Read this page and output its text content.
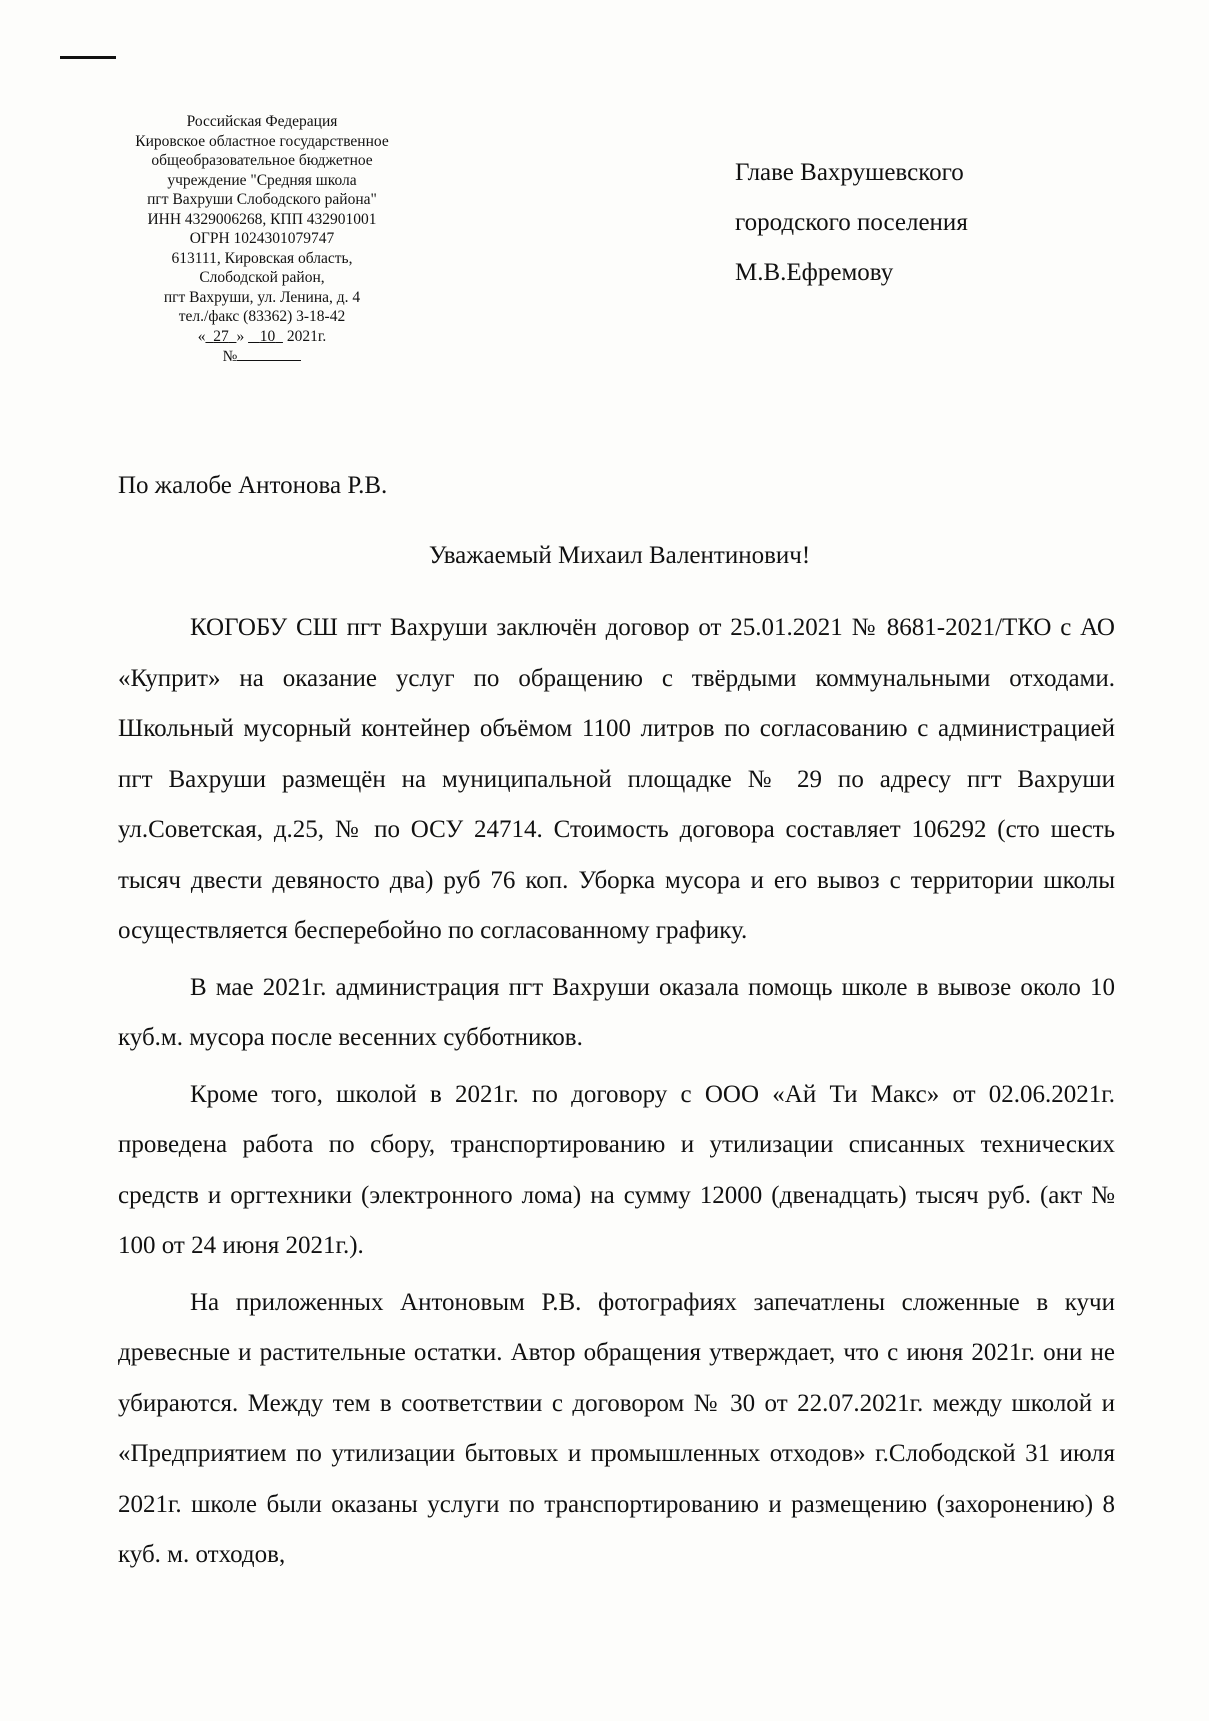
Российская Федерация
Кировское областное государственное
общеобразовательное бюджетное
учреждение "Средняя школа
пгт Вахруши Слободского района"
ИНН 4329006268, КПП 432901001
ОГРН 1024301079747
613111, Кировская область,
Слободской район,
пгт Вахруши, ул. Ленина, д. 4
тел./факс (83362) 3-18-42
« 27 » 10 2021г.
№
Главе Вахрушевского
городского поселения
М.В.Ефремову
По жалобе Антонова Р.В.
Уважаемый Михаил Валентинович!

КОГОБУ СШ пгт Вахруши заключён договор от 25.01.2021 № 8681-2021/ТКО с АО «Куприт» на оказание услуг по обращению с твёрдыми коммунальными отходами. Школьный мусорный контейнер объёмом 1100 литров по согласованию с администрацией пгт Вахруши размещён на муниципальной площадке № 29 по адресу пгт Вахруши ул.Советская, д.25, № по ОСУ 24714. Стоимость договора составляет 106292 (сто шесть тысяч двести девяносто два) руб 76 коп. Уборка мусора и его вывоз с территории школы осуществляется бесперебойно по согласованному графику.

В мае 2021г. администрация пгт Вахруши оказала помощь школе в вывозе около 10 куб.м. мусора после весенних субботников.

Кроме того, школой в 2021г. по договору с ООО «Ай Ти Макс» от 02.06.2021г. проведена работа по сбору, транспортированию и утилизации списанных технических средств и оргтехники (электронного лома) на сумму 12000 (двенадцать) тысяч руб. (акт № 100 от 24 июня 2021г.).

На приложенных Антоновым Р.В. фотографиях запечатлены сложенные в кучи древесные и растительные остатки. Автор обращения утверждает, что с июня 2021г. они не убираются. Между тем в соответствии с договором № 30 от 22.07.2021г. между школой и «Предприятием по утилизации бытовых и промышленных отходов» г.Слободской 31 июля 2021г. школе были оказаны услуги по транспортированию и размещению (захоронению) 8 куб. м. отходов,
